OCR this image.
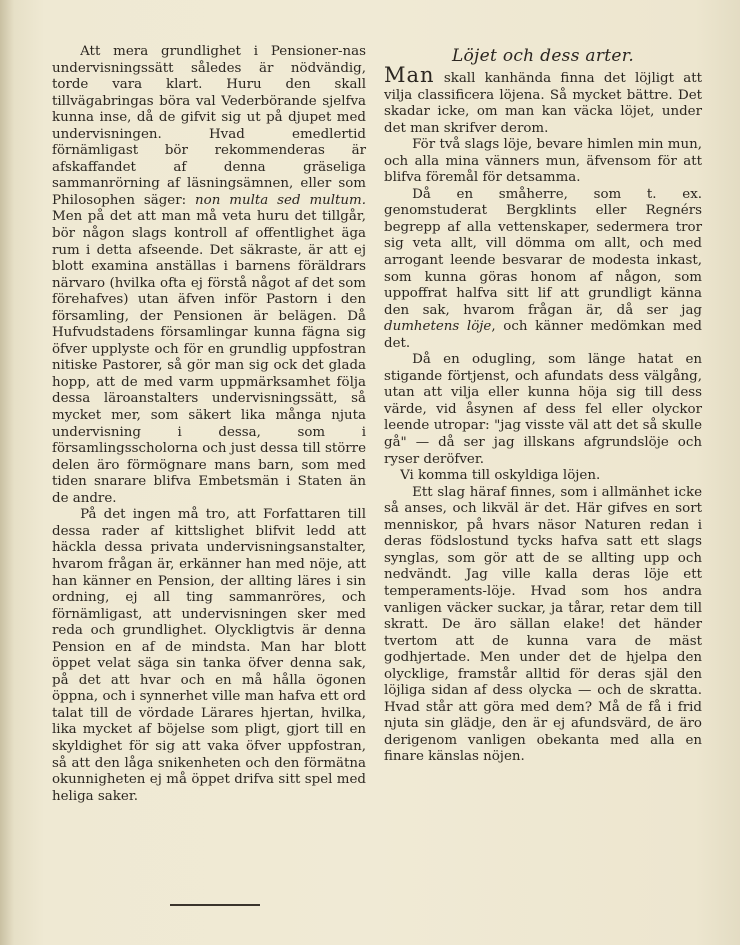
Att mera grundlighet i Pensioner-nas undervisningssätt således är nödvändig, torde vara klart. Huru den skall tillvägabringas böra val Vederbörande sjelfva kunna inse, då de gifvit sig ut på djupet med undervisningen. Hvad emedlertid förnämligast bör rekommenderas är afskaffandet af denna gräseliga sammanrörning af läsningsämnen, eller som Philosophen säger: non multa sed multum. Men på det att man må veta huru det tillgår, bör någon slags kontroll af offentlighet äga rum i detta afseende. Det säkraste, är att ej blott examina anställas i barnens föräldrars närvaro (hvilka ofta ej förstå något af det som förehafves) utan äfven inför Pastorn i den församling, der Pensionen är belägen. Då Hufvudstadens församlingar kunna fägna sig öfver upplyste och för en grundlig uppfostran nitiske Pastorer, så gör man sig ock det glada hopp, att de med varm uppmärksamhet följa dessa läroanstalters undervisningssätt, så mycket mer, som säkert lika många njuta undervisning i dessa, som i församlingsscholorna och just dessa till större delen äro förmögnare mans barn, som med tiden snarare blifva Embetsmän i Staten än de andre.

På det ingen må tro, att Forfattaren till dessa rader af kittslighet blifvit ledd att häckla dessa privata undervisningsanstalter, hvarom frågan är, erkänner han med nöje, att han känner en Pension, der allting läres i sin ordning, ej all ting sammanröres, och förnämligast, att undervisningen sker med reda och grundlighet. Olyckligtvis är denna Pension en af de mindsta. Man har blott öppet velat säga sin tanka öfver denna sak, på det att hvar och en må hålla ögonen öppna, och i synnerhet ville man hafva ett ord talat till de vördade Lärares hjertan, hvilka, lika mycket af böjelse som pligt, gjort till en skyldighet för sig att vaka öfver uppfostran, så att den låga snikenheten och den förmätna okunnigheten ej må öppet drifva sitt spel med heliga saker.

Löjet och dess arter.

Man skall kanhända finna det löjligt att vilja classificera löjena. Så mycket bättre. Det skadar icke, om man kan väcka löjet, under det man skrifver derom.

För två slags löje, bevare himlen min mun, och alla mina vänners mun, äfvensom för att blifva föremål för detsamma.

Då en småherre, som t. ex. genomstuderat Bergklints eller Regnérs begrepp af alla vettenskaper, sedermera tror sig veta allt, vill dömma om allt, och med arrogant leende besvarar de modesta inkast, som kunna göras honom af någon, som uppoffrat halfva sitt lif att grundligt känna den sak, hvarom frågan är, då ser jag dumhetens löje, och känner medömkan med det.

Då en odugling, som länge hatat en stigande förtjenst, och afundats dess välgång, utan att vilja eller kunna höja sig till dess värde, vid åsynen af dess fel eller olyckor leende utropar: "jag visste väl att det så skulle gå" — då ser jag illskans afgrundslöje och ryser deröfver.

Vi komma till oskyldiga löjen.

Ett slag häraf finnes, som i allmänhet icke så anses, och likväl är det. Här gifves en sort menniskor, på hvars näsor Naturen redan i deras födslostund tycks hafva satt ett slags synglas, som gör att de se allting upp och nedvändt. Jag ville kalla deras löje ett temperaments-löje. Hvad som hos andra vanligen väcker suckar, ja tårar, retar dem till skratt. De äro sällan elake! det händer tvertom att de kunna vara de mäst godhjertade. Men under det de hjelpa den olycklige, framstår alltid för deras själ den löjliga sidan af dess olycka — och de skratta. Hvad står att göra med dem? Må de få i frid njuta sin glädje, den är ej afundsvärd, de äro derigenom vanligen obekanta med alla en finare känslas nöjen.
